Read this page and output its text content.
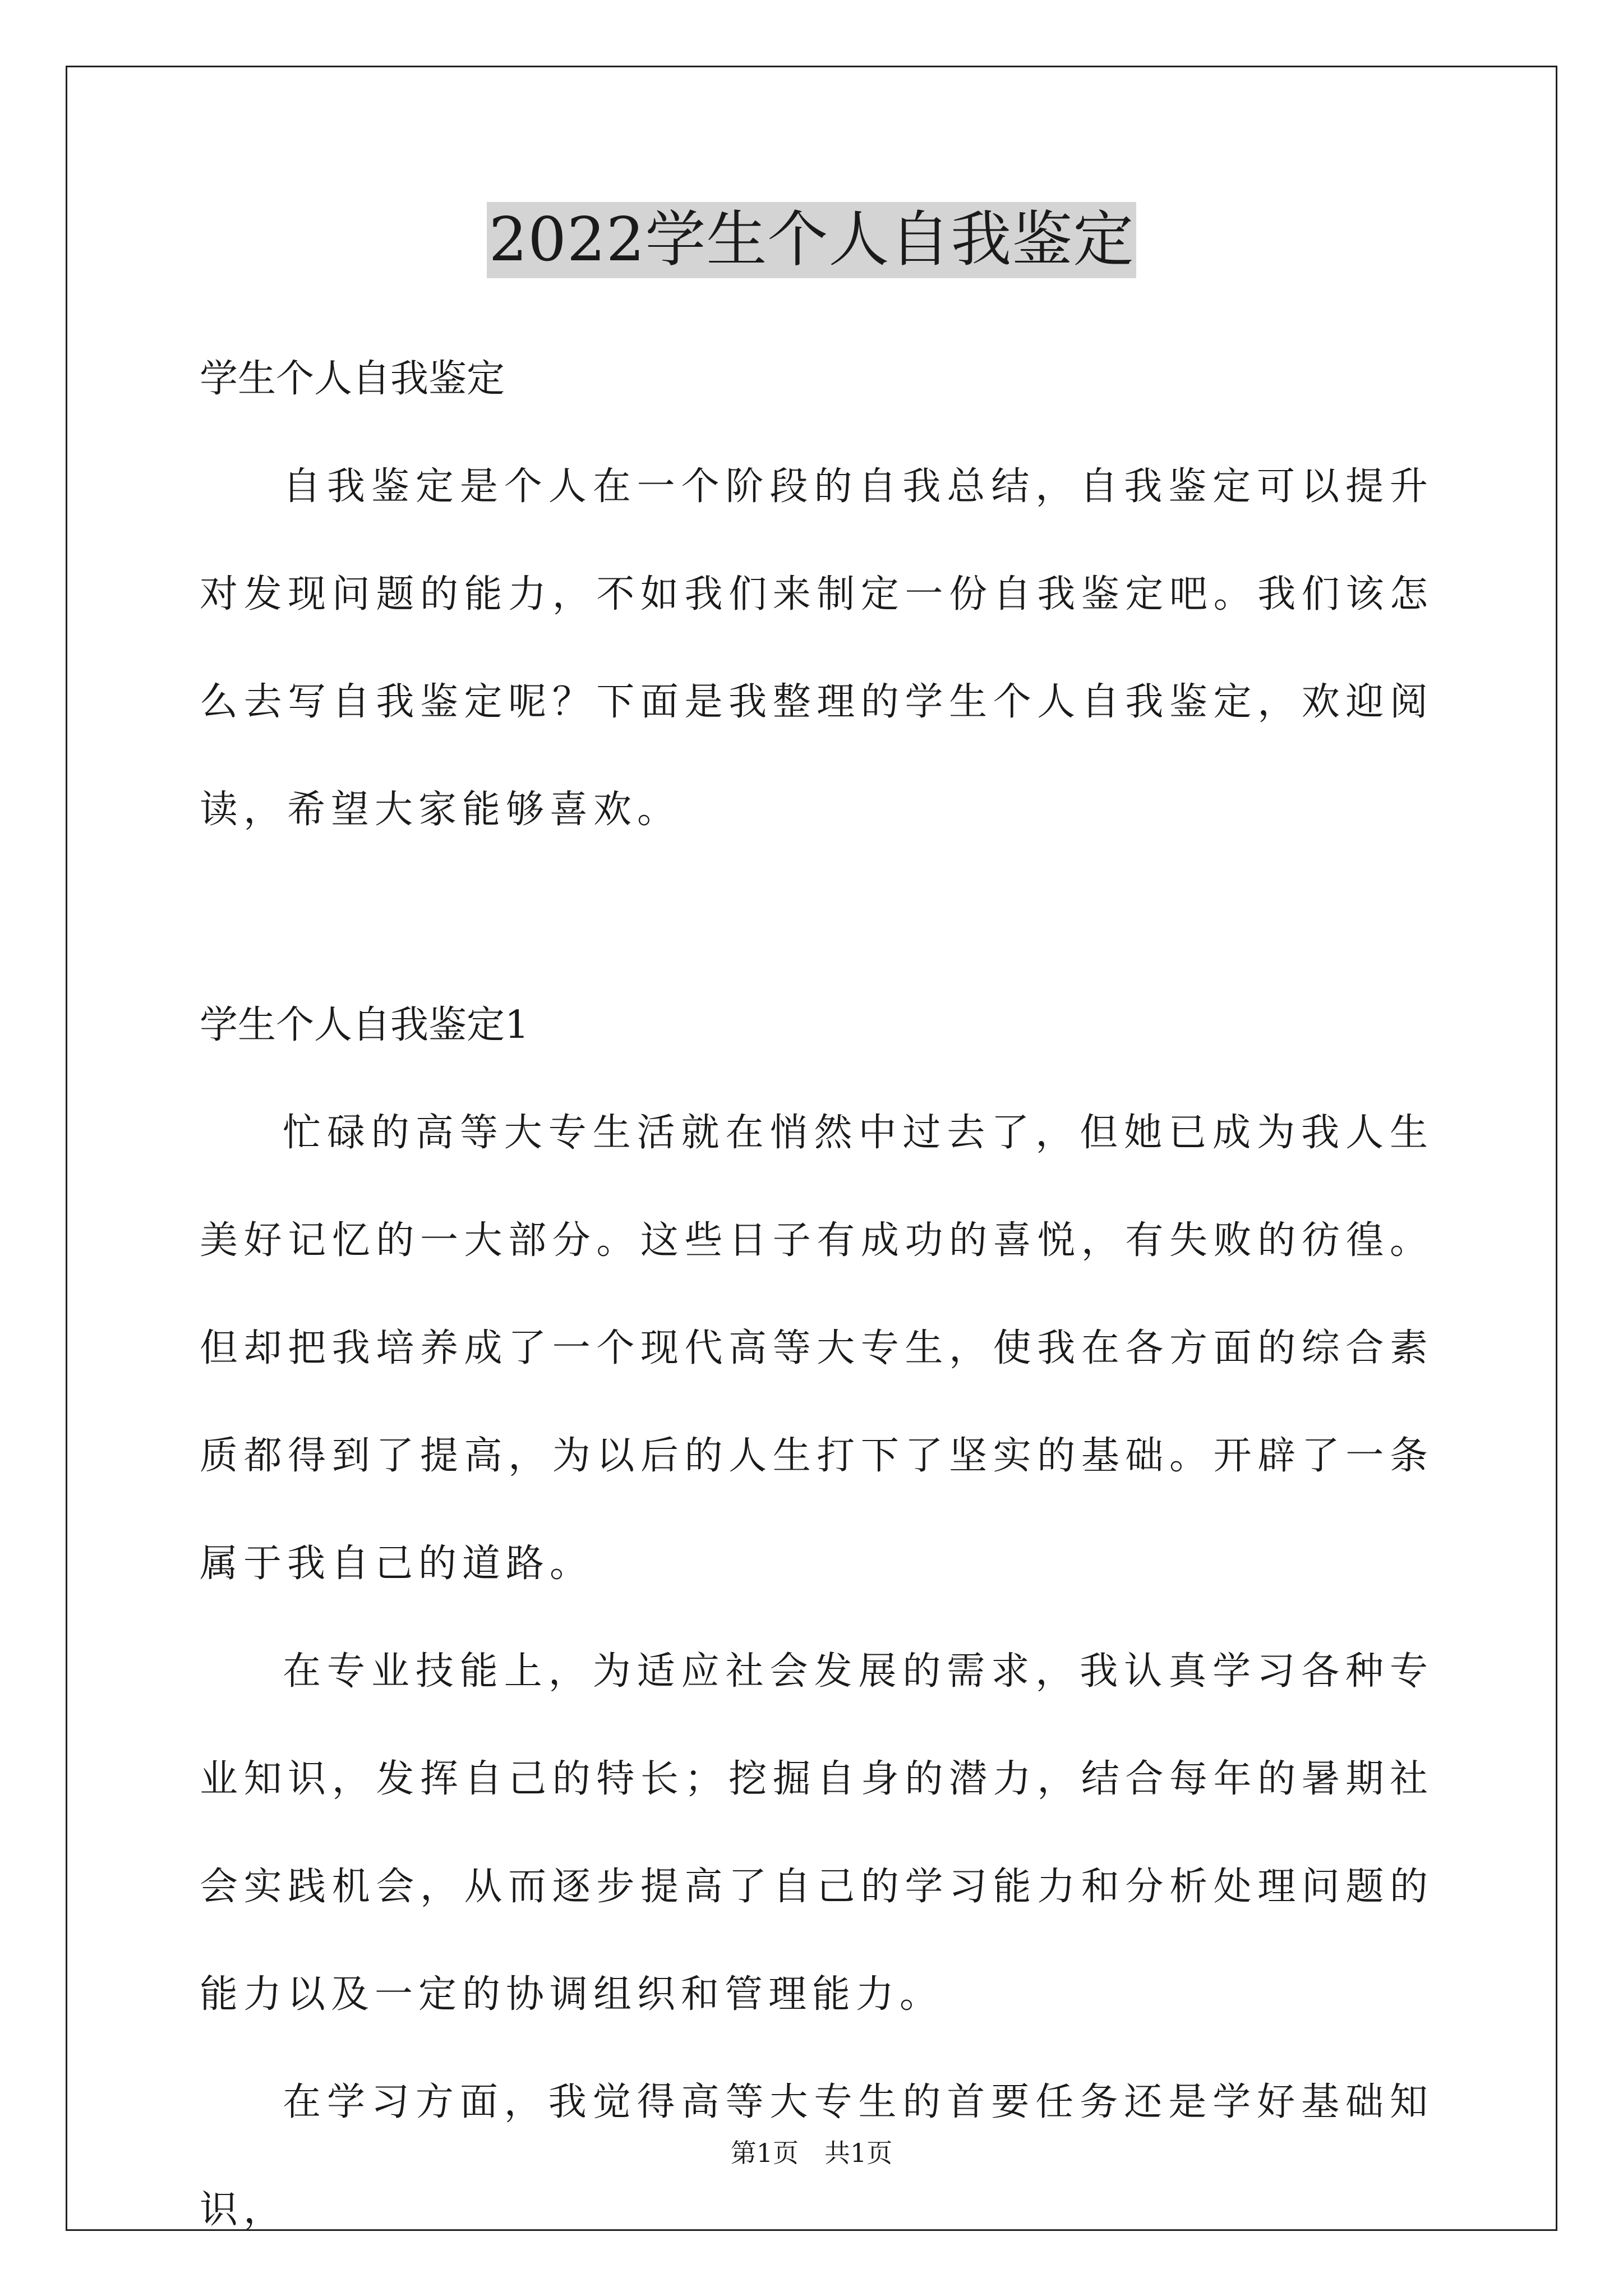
2022学生个人自我鉴定

学生个人自我鉴定

自我鉴定是个人在一个阶段的自我总结，自我鉴定可以提升对发现问题的能力，不如我们来制定一份自我鉴定吧。我们该怎么去写自我鉴定呢？下面是我整理的学生个人自我鉴定，欢迎阅读，希望大家能够喜欢。

学生个人自我鉴定1

忙碌的高等大专生活就在悄然中过去了，但她已成为我人生美好记忆的一大部分。这些日子有成功的喜悦，有失败的彷徨。但却把我培养成了一个现代高等大专生，使我在各方面的综合素质都得到了提高，为以后的人生打下了坚实的基础。开辟了一条属于我自己的道路。

在专业技能上，为适应社会发展的需求，我认真学习各种专业知识，发挥自己的特长；挖掘自身的潜力，结合每年的暑期社会实践机会，从而逐步提高了自己的学习能力和分析处理问题的能力以及一定的协调组织和管理能力。

在学习方面，我觉得高等大专生的首要任务还是学好基础知识，

第1页　共1页
